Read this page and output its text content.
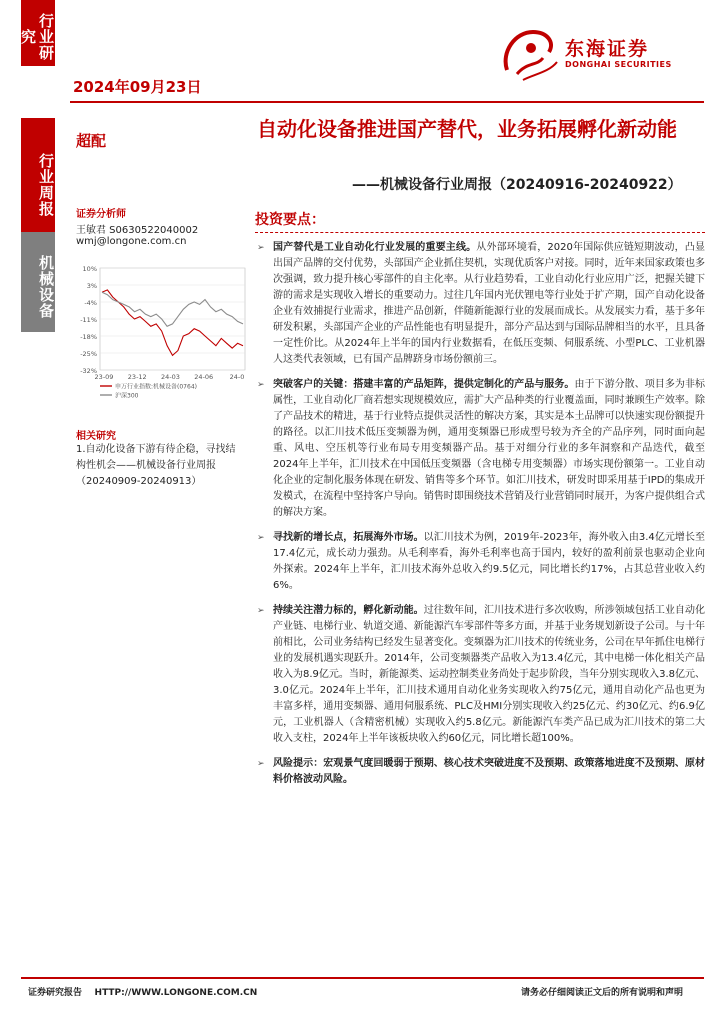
行业研究
行业周报
机械设备
2024年09月23日
东海证券
DONGHAI SECURITIES
超配	自动化设备推进国产替代，业务拓展孵化新动能
——机械设备行业周报（20240916-20240922）
证券分析师
王敏君 S0630522040002
wmj@longone.com.cn
10%
3%
-4%
-11%
-18%
-25%
-32%
23-09 23-12 24-03 24-06	24-0
申万行业指数:机械设备(0764)
沪深300
相关研究
1.自动化设备下游有待企稳，寻找结构性机会——机械设备行业周报（20240909-20240913）
投资要点：
➢ 国产替代是工业自动化行业发展的重要主线。从外部环境看，2020年国际供应链短期波动，凸显出国产品牌的交付优势，头部国产企业抓住契机，实现优质客户对接。同时，近年来国家政策也多次强调，致力提升核心零部件的自主化率。从行业趋势看，工业自动化行业应用广泛，把握关键下游的需求是实现收入增长的重要动力。过往几年国内光伏锂电等行业处于扩产期，国产自动化设备企业有效捕捉行业需求，推进产品创新，伴随新能源行业的发展而成长。从发展实力看，基于多年研发积累，头部国产企业的产品性能也有明显提升，部分产品达到与国际品牌相当的水平，且具备一定性价比。从2024年上半年的国内行业数据看，在低压变频、伺服系统、小型PLC、工业机器人这类代表领域，已有国产品牌跻身市场份额前三。
➢ 突破客户的关键：搭建丰富的产品矩阵，提供定制化的产品与服务。由于下游分散、项目多为非标属性，工业自动化厂商若想实现规模效应，需扩大产品种类的行业覆盖面，同时兼顾生产效率。除了产品技术的精进，基于行业特点提供灵活性的解决方案，其实是本土品牌可以快速实现份额提升的路径。以汇川技术低压变频器为例，通用变频器已形成型号较为齐全的产品序列，同时面向起重、风电、空压机等行业布局专用变频器产品。基于对细分行业的多年洞察和产品迭代，截至2024年上半年，汇川技术在中国低压变频器（含电梯专用变频器）市场实现份额第一。工业自动化企业的定制化服务体现在研发、销售等多个环节。如汇川技术，研发时即采用基于IPD的集成开发模式，在流程中坚持客户导向。销售时即围绕技术营销及行业营销同时展开，为客户提供组合式的解决方案。
➢ 寻找新的增长点，拓展海外市场。以汇川技术为例，2019年-2023年，海外收入由3.4亿元增长至17.4亿元，成长动力强劲。从毛利率看，海外毛利率也高于国内，较好的盈利前景也驱动企业向外探索。2024年上半年，汇川技术海外总收入约9.5亿元，同比增长约17%，占其总营业收入约6%。
➢ 持续关注潜力标的，孵化新动能。过往数年间，汇川技术进行多次收购，所涉领域包括工业自动化产业链、电梯行业、轨道交通、新能源汽车零部件等多方面，并基于业务规划新设子公司。与十年前相比，公司业务结构已经发生显著变化。变频器为汇川技术的传统业务，公司在早年抓住电梯行业的发展机遇实现跃升。2014年，公司变频器类产品收入为13.4亿元，其中电梯一体化相关产品收入为8.9亿元。当时，新能源类、运动控制类业务尚处于起步阶段，当年分别实现收入3.8亿元、3.0亿元。2024年上半年，汇川技术通用自动化业务实现收入约75亿元，通用自动化产品也更为丰富多样，通用变频器、通用伺服系统、PLC及HMI分别实现收入约25亿元、约30亿元、约6.9亿元，工业机器人（含精密机械）实现收入约5.8亿元。新能源汽车类产品已成为汇川技术的第二大收入支柱，2024年上半年该板块收入约60亿元，同比增长超100%。
➢ 风险提示：宏观景气度回暖弱于预期、核心技术突破进度不及预期、政策落地进度不及预期、原材料价格波动风险。
证券研究报告    HTTP://WWW.LONGONE.COM.CN	请务必仔细阅读正文后的所有说明和声明
